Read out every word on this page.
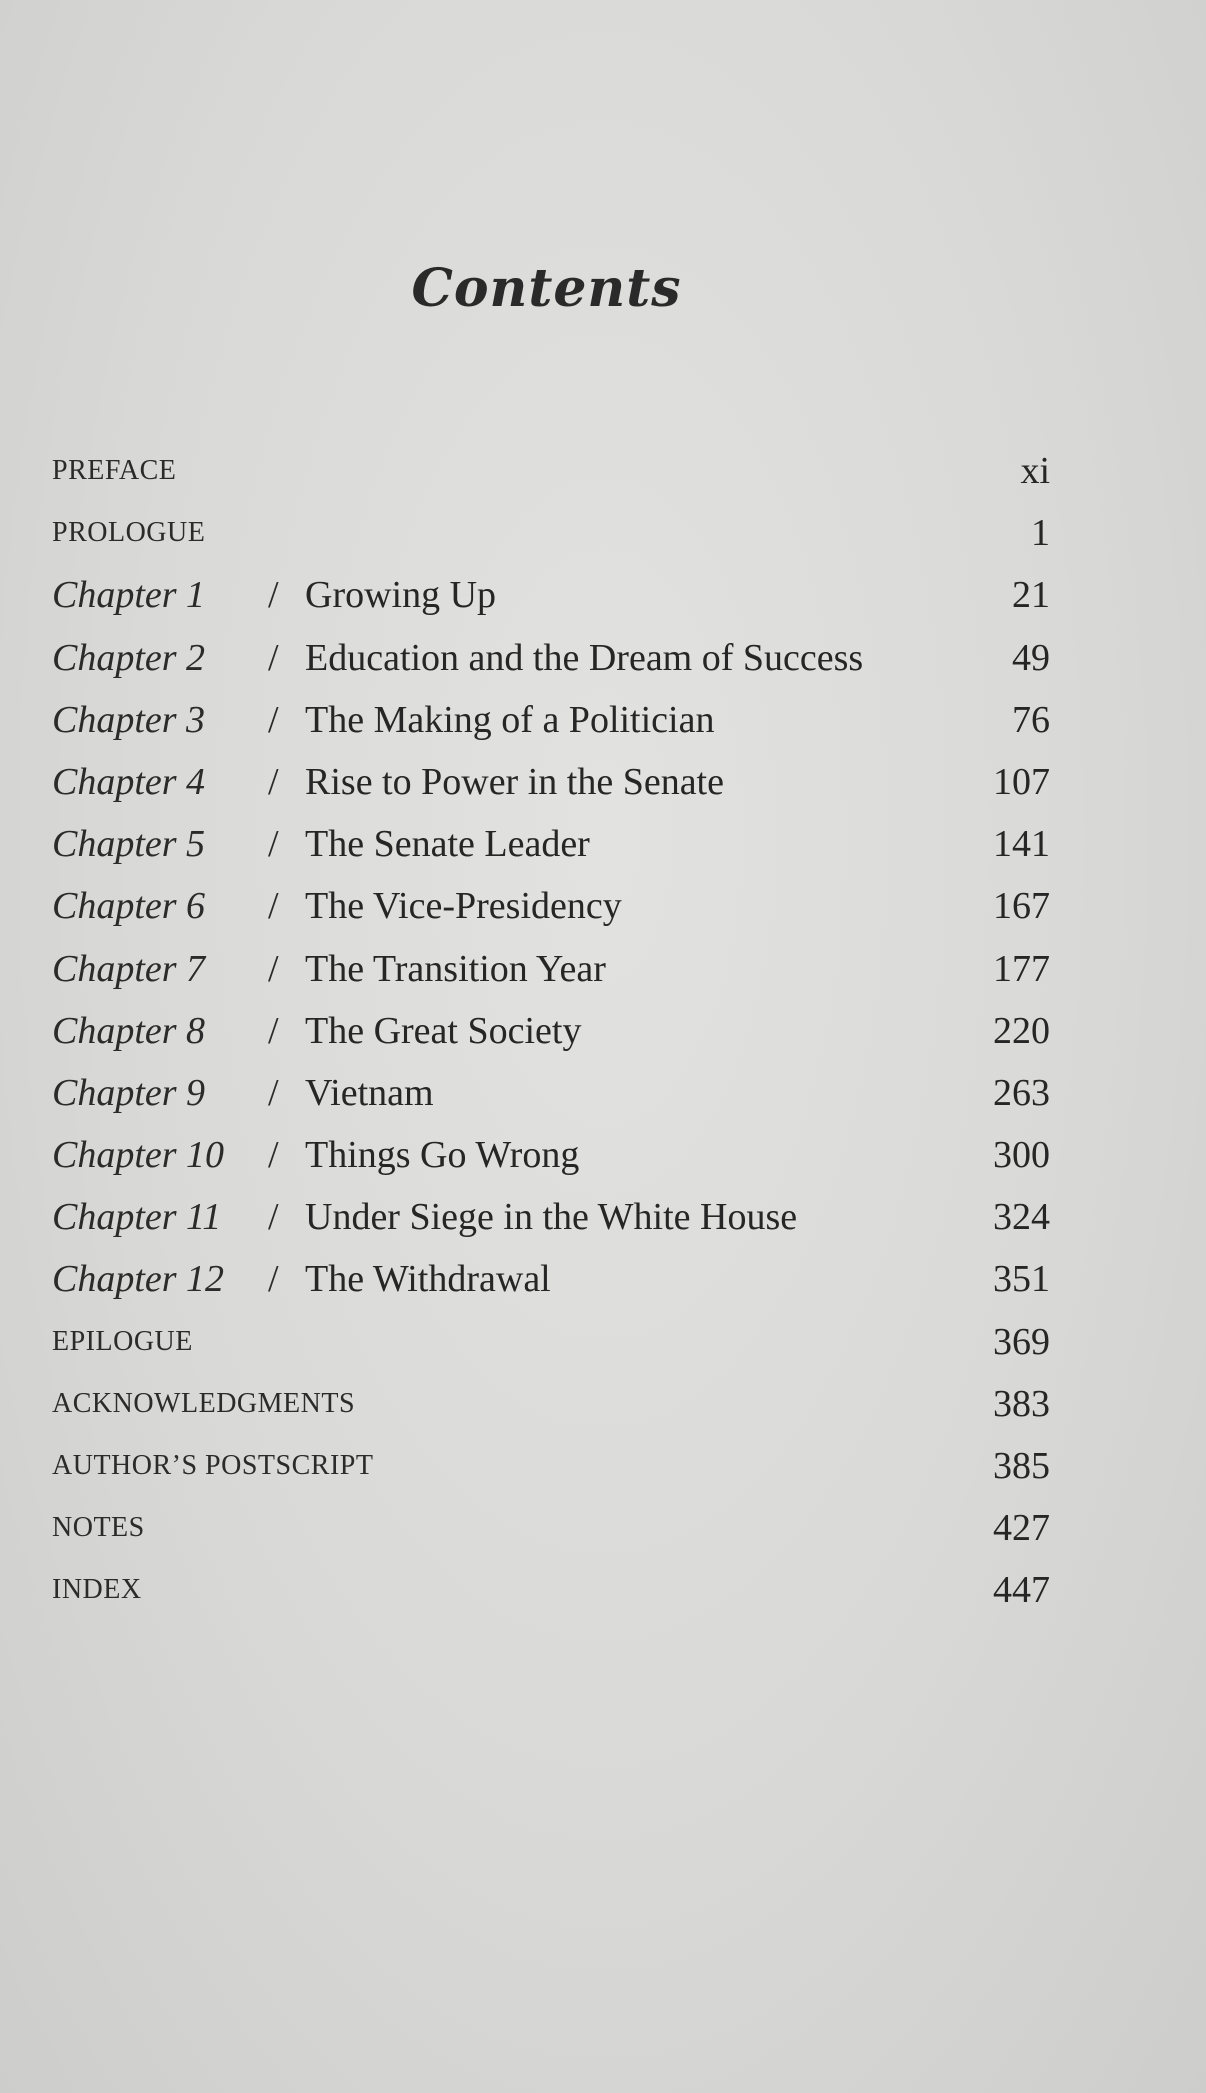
Contents
PREFACE	xi
PROLOGUE	1
Chapter 1 / Growing Up	21
Chapter 2 / Education and the Dream of Success	49
Chapter 3 / The Making of a Politician	76
Chapter 4 / Rise to Power in the Senate	107
Chapter 5 / The Senate Leader	141
Chapter 6 / The Vice-Presidency	167
Chapter 7 / The Transition Year	177
Chapter 8 / The Great Society	220
Chapter 9 / Vietnam	263
Chapter 10 / Things Go Wrong	300
Chapter 11 / Under Siege in the White House	324
Chapter 12 / The Withdrawal	351
EPILOGUE	369
ACKNOWLEDGMENTS	383
AUTHOR’S POSTSCRIPT	385
NOTES	427
INDEX	447
